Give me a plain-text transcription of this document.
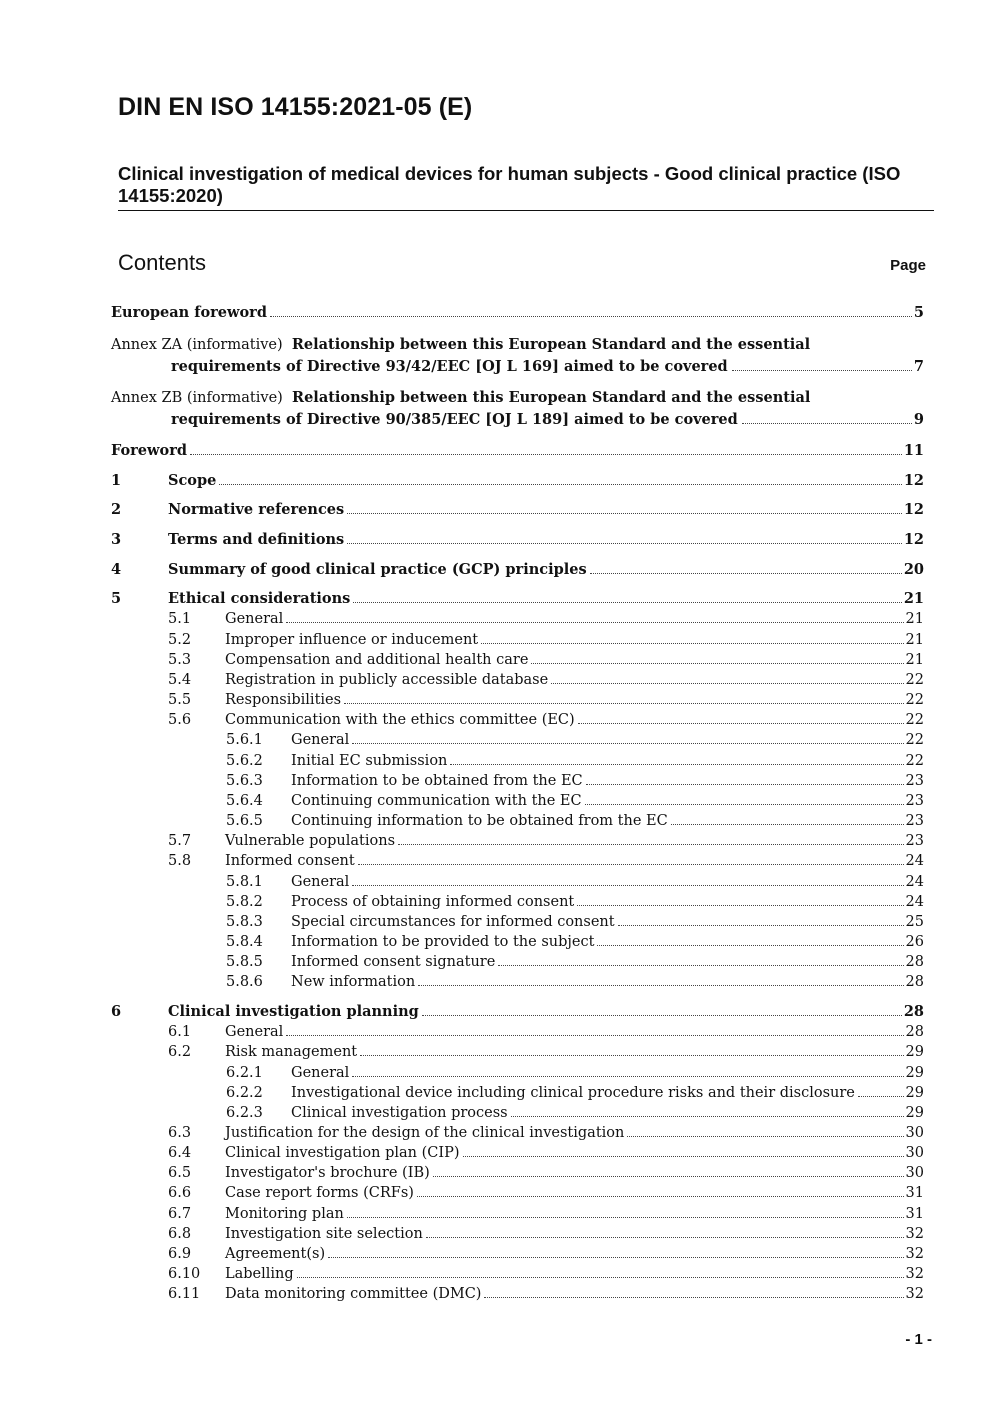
DIN EN ISO 14155:2021-05 (E)
Clinical investigation of medical devices for human subjects - Good clinical practice (ISO 14155:2020)
Contents	Page
Annex ZA (informative) Relationship between this European Standard and the essential
requirements of Directive 93/42/EEC [OJ L 169] aimed to be covered	7
Annex ZB (informative) Relationship between this European Standard and the essential
requirements of Directive 90/385/EEC [OJ L 189] aimed to be covered	9
European foreword	5
Foreword	11
1	Scope	12
2	Normative references	12
3	Terms and definitions	12
4	Summary of good clinical practice (GCP) principles	20
5	Ethical considerations	21
5.1 General	21
5.2 Improper influence or inducement	21
5.3 Compensation and additional health care	21
5.4 Registration in publicly accessible database	22
5.5 Responsibilities	22
5.6 Communication with the ethics committee (EC)	22
5.6.1 General	22
5.6.2 Initial EC submission	22
5.6.3 Information to be obtained from the EC	23
5.6.4 Continuing communication with the EC	23
5.6.5 Continuing information to be obtained from the EC	23
5.7 Vulnerable populations	23
5.8 Informed consent	24
5.8.1 General	24
5.8.2 Process of obtaining informed consent	24
5.8.3 Special circumstances for informed consent	25
5.8.4 Information to be provided to the subject	26
5.8.5 Informed consent signature	28
5.8.6 New information	28
6	Clinical investigation planning	28
6.1 General	28
6.2 Risk management	29
6.2.1 General	29
6.2.2 Investigational device including clinical procedure risks and their disclosure	29
6.2.3 Clinical investigation process	29
6.3 Justification for the design of the clinical investigation	30
6.4 Clinical investigation plan (CIP)	30
6.5 Investigator's brochure (IB)	30
6.6 Case report forms (CRFs)	31
6.7 Monitoring plan	31
6.8 Investigation site selection	32
6.9 Agreement(s)	32
6.10 Labelling	32
6.11 Data monitoring committee (DMC)	32
- 1 -
